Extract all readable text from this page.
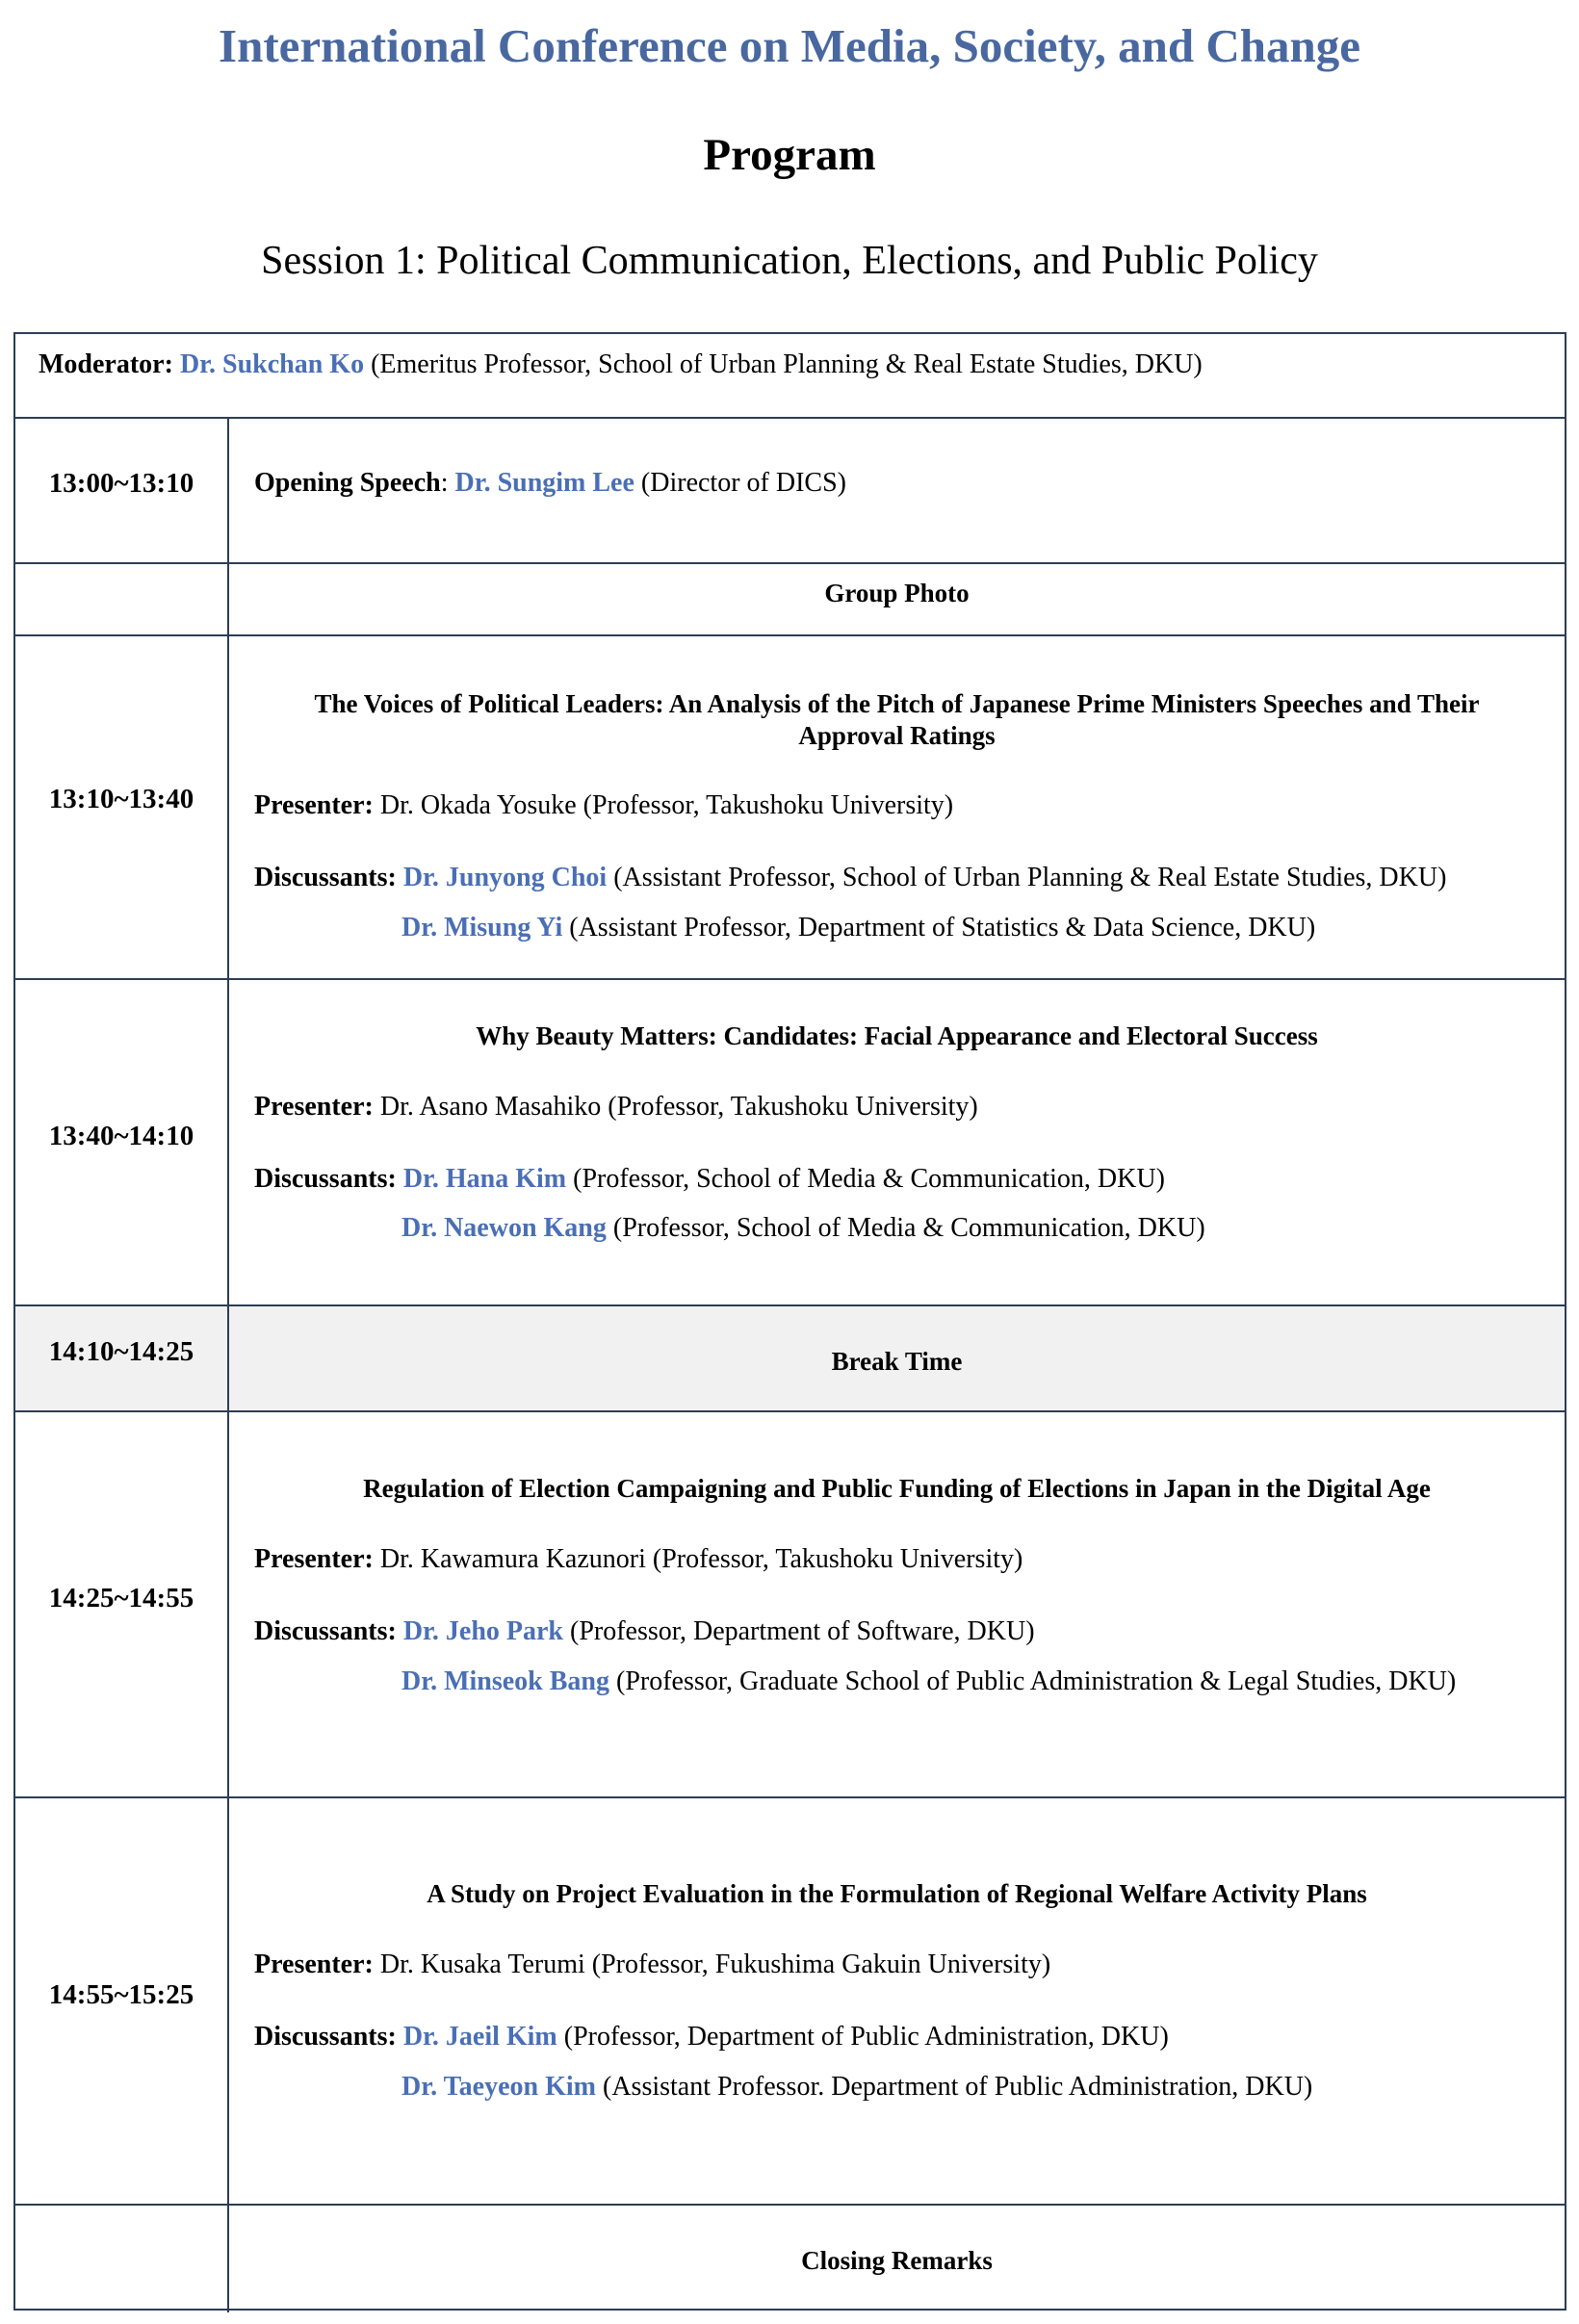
International Conference on Media, Society, and Change
Program
Session 1: Political Communication, Elections, and Public Policy
Moderator: Dr. Sukchan Ko (Emeritus Professor, School of Urban Planning & Real Estate Studies, DKU)
13:00~13:10	Opening Speech: Dr. Sungim Lee (Director of DICS)
Group Photo
13:10~13:40
The Voices of Political Leaders: An Analysis of the Pitch of Japanese Prime Ministers Speeches and Their
Approval Ratings
Presenter: Dr. Okada Yosuke (Professor, Takushoku University)
Discussants: Dr. Junyong Choi (Assistant Professor, School of Urban Planning & Real Estate Studies, DKU)
Dr. Misung Yi (Assistant Professor, Department of Statistics & Data Science, DKU)
13:40~14:10
Why Beauty Matters: Candidates: Facial Appearance and Electoral Success
Presenter: Dr. Asano Masahiko (Professor, Takushoku University)
Discussants: Dr. Hana Kim (Professor, School of Media & Communication, DKU)
Dr. Naewon Kang (Professor, School of Media & Communication, DKU)
14:10~14:25	Break Time
14:25~14:55
Regulation of Election Campaigning and Public Funding of Elections in Japan in the Digital Age
Presenter: Dr. Kawamura Kazunori (Professor, Takushoku University)
Discussants: Dr. Jeho Park (Professor, Department of Software, DKU)
Dr. Minseok Bang (Professor, Graduate School of Public Administration & Legal Studies, DKU)
14:55~15:25
A Study on Project Evaluation in the Formulation of Regional Welfare Activity Plans
Presenter: Dr. Kusaka Terumi (Professor, Fukushima Gakuin University)
Discussants: Dr. Jaeil Kim (Professor, Department of Public Administration, DKU)
Dr. Taeyeon Kim (Assistant Professor. Department of Public Administration, DKU)
Closing Remarks
